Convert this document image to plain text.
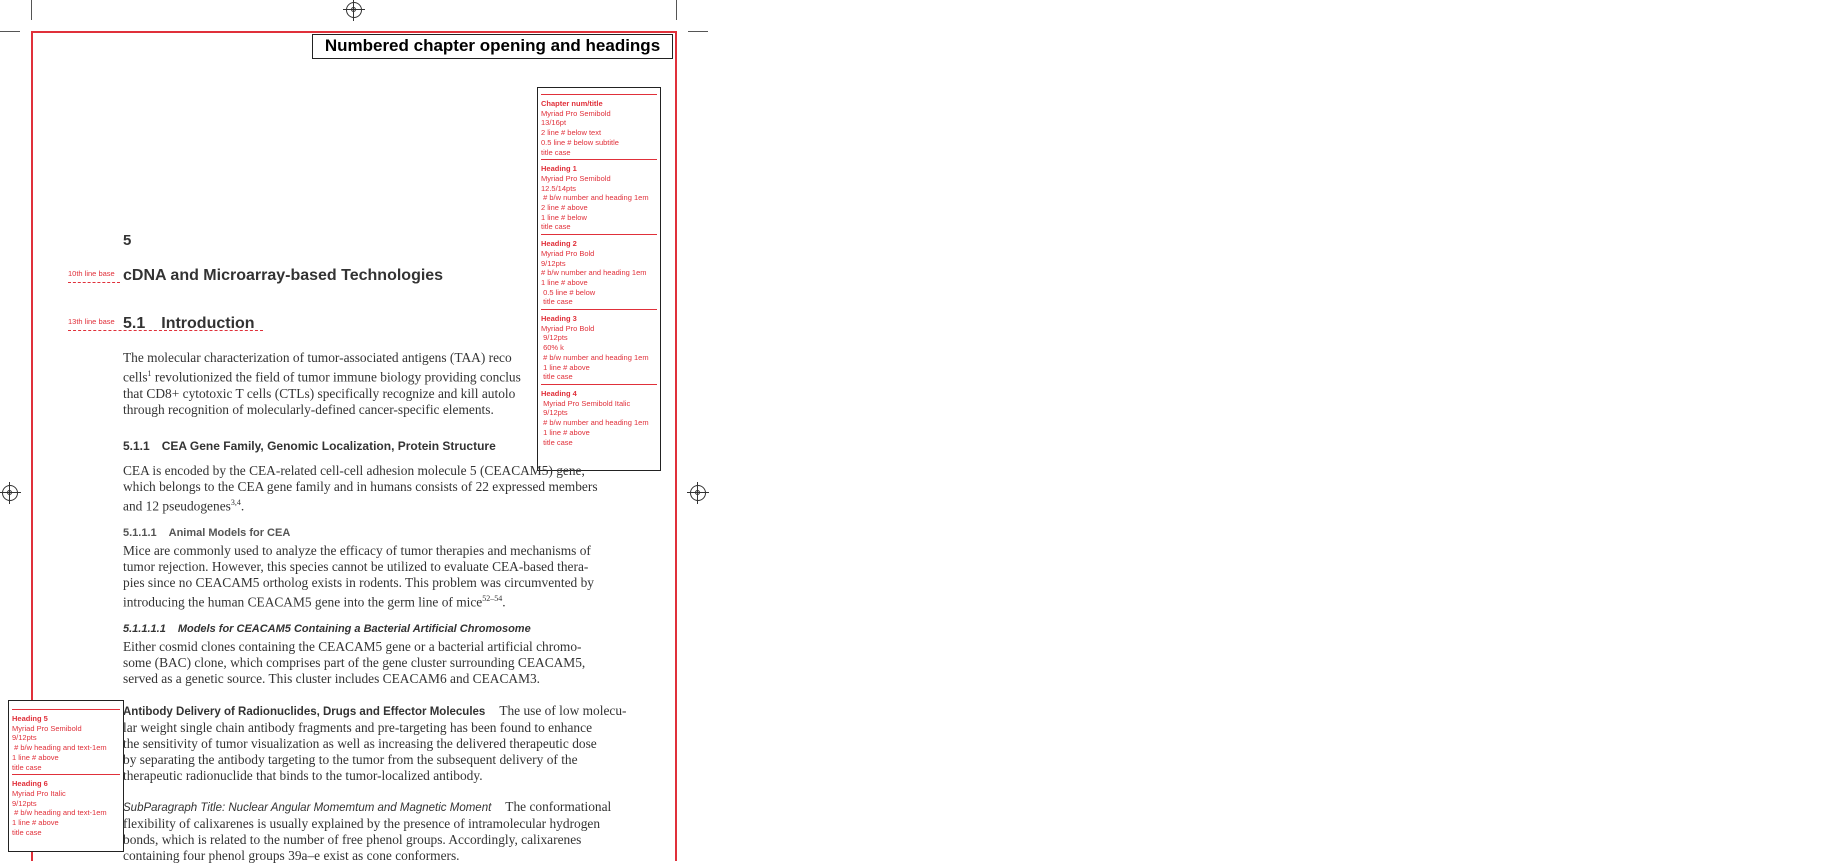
Numbered chapter opening and headings
Chapter num/title
Myriad Pro Semibold
13/16pt
2 line # below text
0.5 line # below subtitle
title case
Heading 1
Myriad Pro Semibold
12.5/14pts
# b/w number and heading 1em
2 line # above
1 line # below
title case
Heading 2
Myriad Pro Bold
9/12pts
# b/w number and heading 1em
1 line # above
0.5 line # below
title case
Heading 3
Myriad Pro Bold
9/12pts
60% k
# b/w number and heading 1em
1 line # above
title case
Heading 4
Myriad Pro Semibold Italic
9/12pts
# b/w number and heading 1em
1 line # above
title case
Heading 5
Myriad Pro Semibold
9/12pts
# b/w heading and text-1em
1 line # above
title case
Heading 6
Myriad Pro Italic
9/12pts
# b/w heading and text-1em
1 line # above
title case
10th line base
13th line base
5
cDNA and Microarray-based Technologies
5.1 Introduction
The molecular characterization of tumor-associated antigens (TAA) reco
cells$^1$ revolutionized the field of tumor immune biology providing conclus
that CD8+ cytotoxic T cells (CTLs) specifically recognize and kill autolo
through recognition of molecularly-defined cancer-specific elements.
5.1.1 CEA Gene Family, Genomic Localization, Protein Structure
CEA is encoded by the CEA-related cell-cell adhesion molecule 5 (CEACAM5) gene,
which belongs to the CEA gene family and in humans consists of 22 expressed members
and 12 pseudogenes$^{3,4}$.
5.1.1.1 Animal Models for CEA
Mice are commonly used to analyze the efficacy of tumor therapies and mechanisms of
tumor rejection. However, this species cannot be utilized to evaluate CEA-based thera-
pies since no CEACAM5 ortholog exists in rodents. This problem was circumvented by
introducing the human CEACAM5 gene into the germ line of mice$^{52-54}$.
5.1.1.1.1 Models for CEACAM5 Containing a Bacterial Artificial Chromosome
Either cosmid clones containing the CEACAM5 gene or a bacterial artificial chromo-
some (BAC) clone, which comprises part of the gene cluster surrounding CEACAM5,
served as a genetic source. This cluster includes CEACAM6 and CEACAM3.
Antibody Delivery of Radionuclides, Drugs and Effector Molecules The use of low molecu-
lar weight single chain antibody fragments and pre-targeting has been found to enhance
the sensitivity of tumor visualization as well as increasing the delivered therapeutic dose
by separating the antibody targeting to the tumor from the subsequent delivery of the
therapeutic radionuclide that binds to the tumor-localized antibody.
SubParagraph Title: Nuclear Angular Momemtum and Magnetic Moment The conformational
flexibility of calixarenes is usually explained by the presence of intramolecular hydrogen
bonds, which is related to the number of free phenol groups. Accordingly, calixarenes
containing four phenol groups 39a–e exist as cone conformers.
